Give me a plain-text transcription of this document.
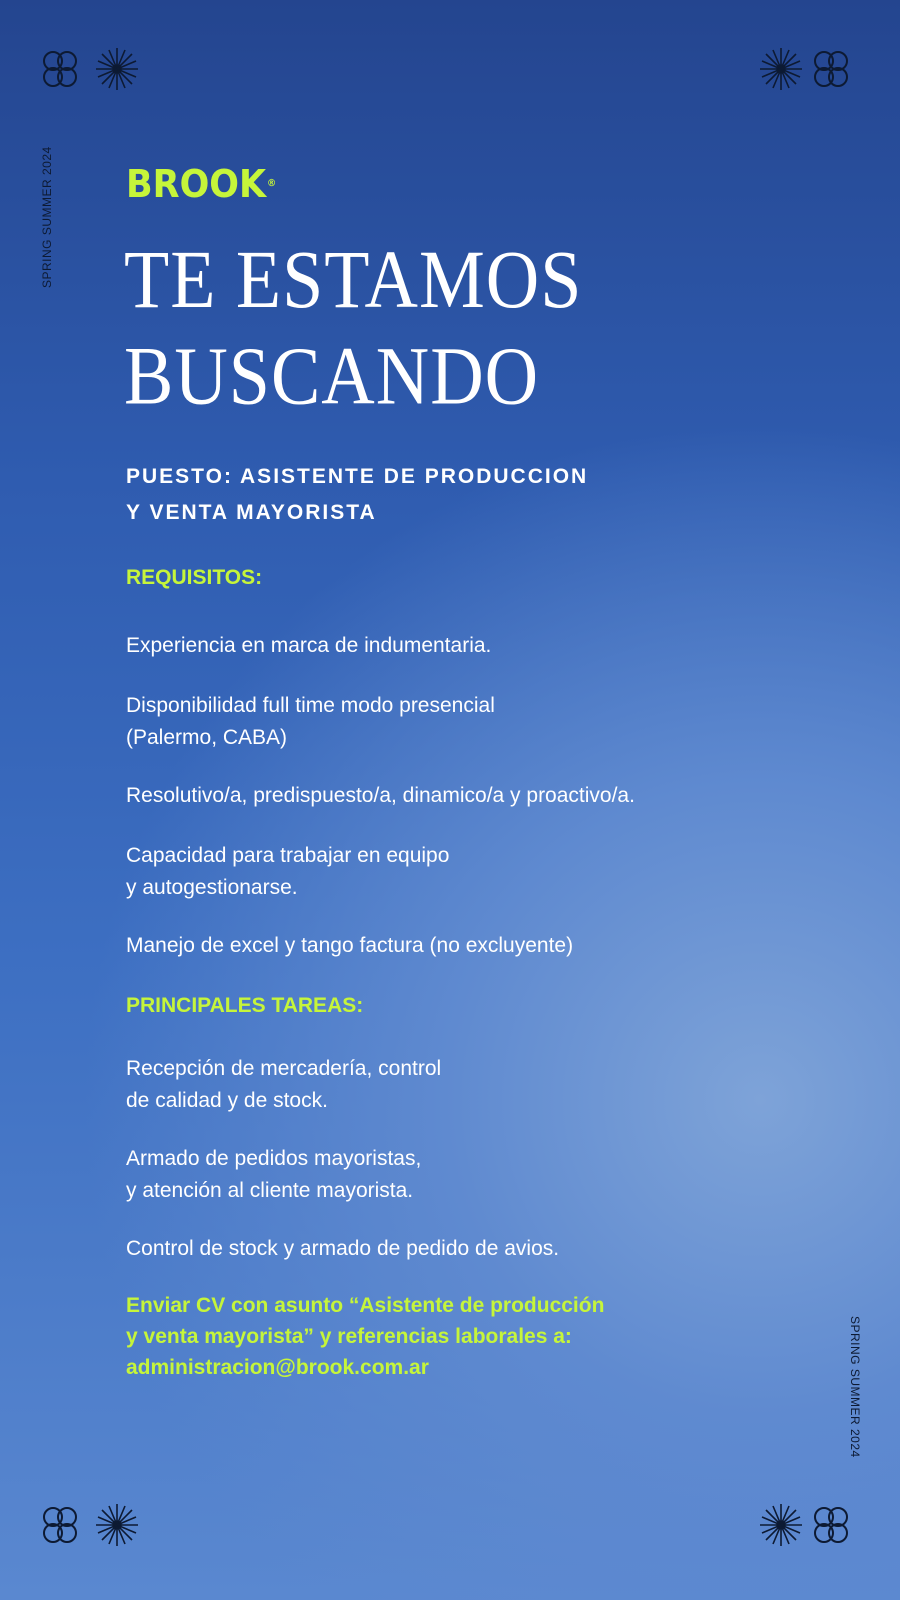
SPRING SUMMER 2024
SPRING SUMMER 2024
BROOK ®
TE ESTAMOS
BUSCANDO
PUESTO: ASISTENTE DE PRODUCCION
Y VENTA MAYORISTA
REQUISITOS:
Experiencia en marca de indumentaria.
Disponibilidad full time modo presencial
(Palermo, CABA)
Resolutivo/a, predispuesto/a, dinamico/a y proactivo/a.
Capacidad para trabajar en equipo
y autogestionarse.
Manejo de excel y tango factura (no excluyente)
PRINCIPALES TAREAS:
Recepción de mercadería, control
de calidad y de stock.
Armado de pedidos mayoristas,
y atención al cliente mayorista.
Control de stock y armado de pedido de avios.
Enviar CV con asunto “Asistente de producción
y venta mayorista” y referencias laborales a:
administracion@brook.com.ar
